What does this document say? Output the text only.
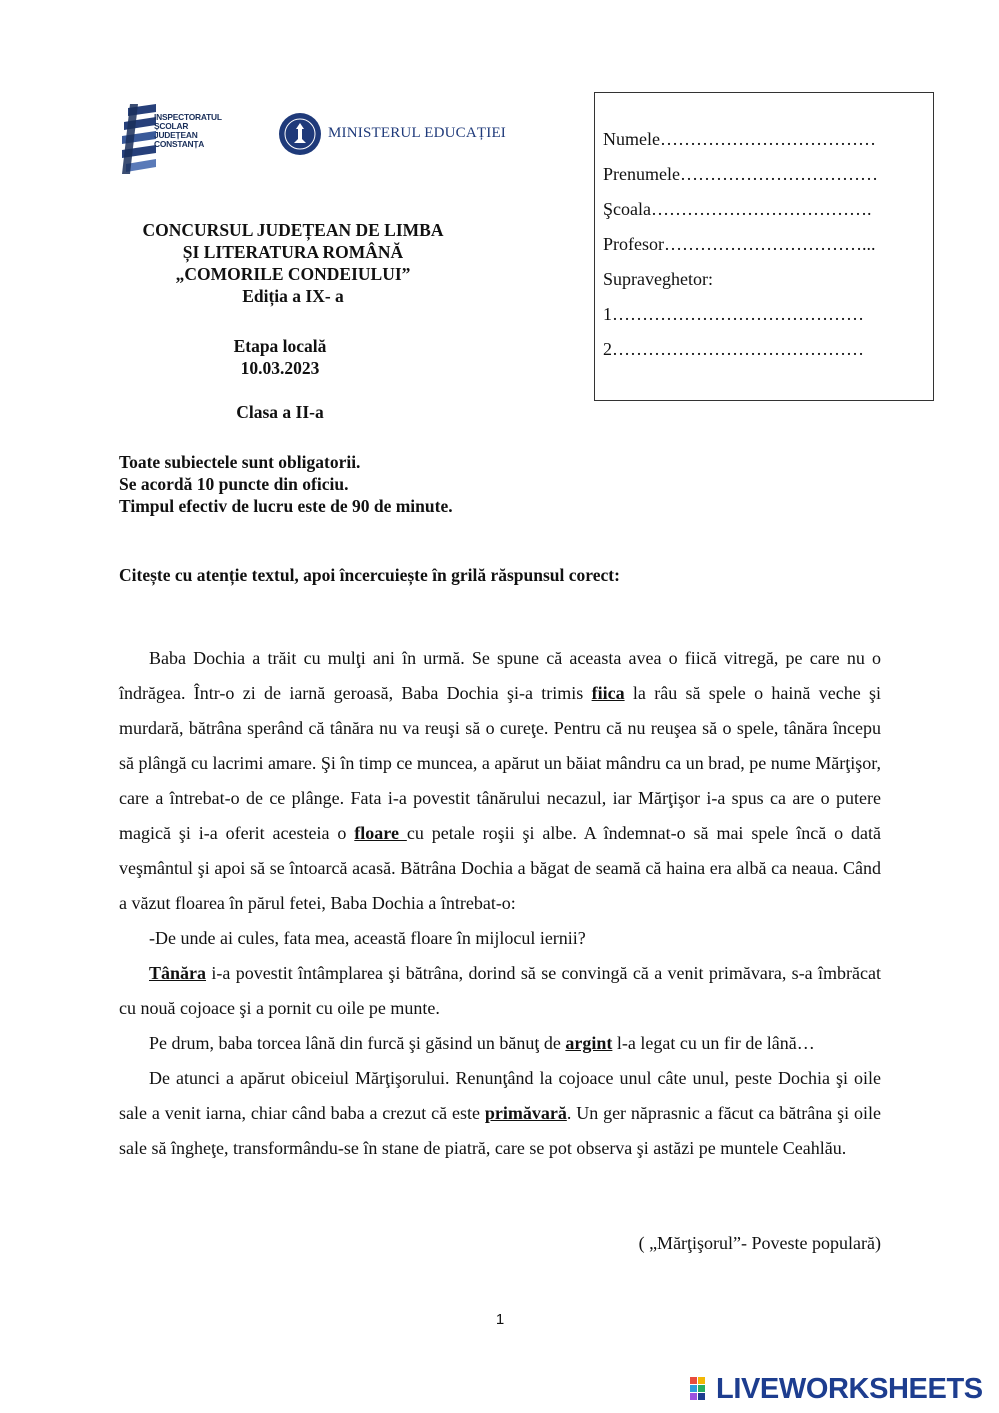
INSPECTORATUL
ȘCOLAR
JUDEȚEAN
CONSTANȚA
MINISTERUL EDUCAȚIEI	Numele………………………………
Prenumele……………………………
Şcoala……………………………….
Profesor……………………………...
Supraveghetor:
1……………………………………
2……………………………………
CONCURSUL JUDEȚEAN DE LIMBA
ȘI LITERATURA ROMÂNĂ
„COMORILE CONDEIULUI”
Ediția a IX- a
Etapa locală
10.03.2023
Clasa a II-a
Toate subiectele sunt obligatorii.
Se acordă 10 puncte din oficiu.
Timpul efectiv de lucru este de 90 de minute.
Citește cu atenție textul, apoi încercuiește în grilă răspunsul corect:

Baba Dochia a trăit cu mulţi ani în urmă. Se spune că aceasta avea o fiică vitregă, pe care nu o îndrăgea. Într-o zi de iarnă geroasă, Baba Dochia şi-a trimis fiica la râu să spele o haină veche şi murdară, bătrâna sperând că tânăra nu va reuşi să o cureţe. Pentru că nu reuşea să o spele, tânăra începu să plângă cu lacrimi amare. Şi în timp ce muncea, a apărut un băiat mândru ca un brad, pe nume Mărţişor, care a întrebat-o de ce plânge. Fata i-a povestit tânărului necazul, iar Mărţişor i-a spus ca are o putere magică şi i-a oferit acesteia o floare cu petale roşii şi albe. A îndemnat-o să mai spele încă o dată veşmântul şi apoi să se întoarcă acasă. Bătrâna Dochia a băgat de seamă că haina era albă ca neaua. Când a văzut floarea în părul fetei, Baba Dochia a întrebat-o:

-De unde ai cules, fata mea, această floare în mijlocul iernii?

Tânăra i-a povestit întâmplarea şi bătrâna, dorind să se convingă că a venit primăvara, s-a îmbrăcat cu nouă cojoace şi a pornit cu oile pe munte.

Pe drum, baba torcea lână din furcă şi găsind un bănuţ de argint l-a legat cu un fir de lână…

De atunci a apărut obiceiul Mărţişorului. Renunţând la cojoace unul câte unul, peste Dochia şi oile sale a venit iarna, chiar când baba a crezut că este primăvară. Un ger năprasnic a făcut ca bătrâna şi oile sale să îngheţe, transformându-se în stane de piatră, care se pot observa şi astăzi pe muntele Ceahlău.

( „Mărţişorul”- Poveste populară)
1
LIVEWORKSHEETS
